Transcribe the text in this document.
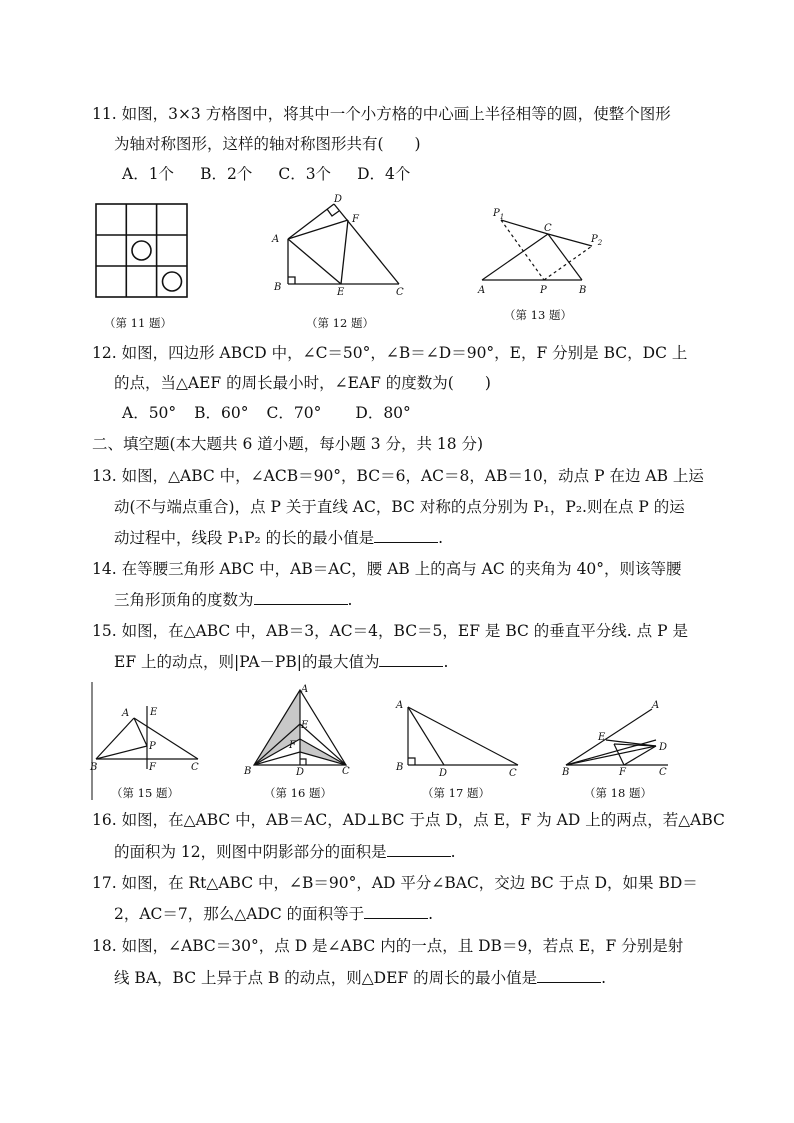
11. 如图，3×3 方格图中，将其中一个小方格的中心画上半径相等的圆，使整个图形
为轴对称图形，这样的轴对称图形共有(　　)
A．1个 B．2个 C．3个 D．4个
（第 11 题）
D
F
A
B	E	C
（第 12 题）
$P_1$
C
$P_2$
A	P	B
（第 13 题）
12. 如图，四边形 ABCD 中，∠C＝50°，∠B＝∠D＝90°，E，F 分别是 BC，DC 上
的点，当△AEF 的周长最小时，∠EAF 的度数为(　　)
A．50° B．60° C．70° D．80°
二、填空题(本大题共 6 道小题，每小题 3 分，共 18 分)
13. 如图，△ABC 中，∠ACB＝90°，BC＝6，AC＝8，AB＝10，动点 P 在边 AB 上运
动(不与端点重合)，点 P 关于直线 AC，BC 对称的点分别为 P₁，P₂.则在点 P 的运
动过程中，线段 P₁P₂ 的长的最小值是	.
14. 在等腰三角形 ABC 中，AB＝AC，腰 AB 上的高与 AC 的夹角为 40°，则该等腰
三角形顶角的度数为	.
15. 如图，在△ABC 中，AB＝3，AC＝4，BC＝5，EF 是 BC 的垂直平分线. 点 P 是
EF 上的动点，则|PA－PB|的最大值为	.
A E
P
B	F	C
（第 15 题）
A
E
F
B	D	C
（第 16 题）
A
B
D	C
（第 17 题）
A
E
D
B	F	C
（第 18 题）
16. 如图，在△ABC 中，AB＝AC，AD⊥BC 于点 D，点 E，F 为 AD 上的两点，若△ABC
的面积为 12，则图中阴影部分的面积是	.
17. 如图，在 Rt△ABC 中，∠B＝90°，AD 平分∠BAC，交边 BC 于点 D，如果 BD＝
2，AC＝7，那么△ADC 的面积等于	.
18. 如图，∠ABC＝30°，点 D 是∠ABC 内的一点，且 DB＝9，若点 E，F 分别是射
线 BA，BC 上异于点 B 的动点，则△DEF 的周长的最小值是	.
